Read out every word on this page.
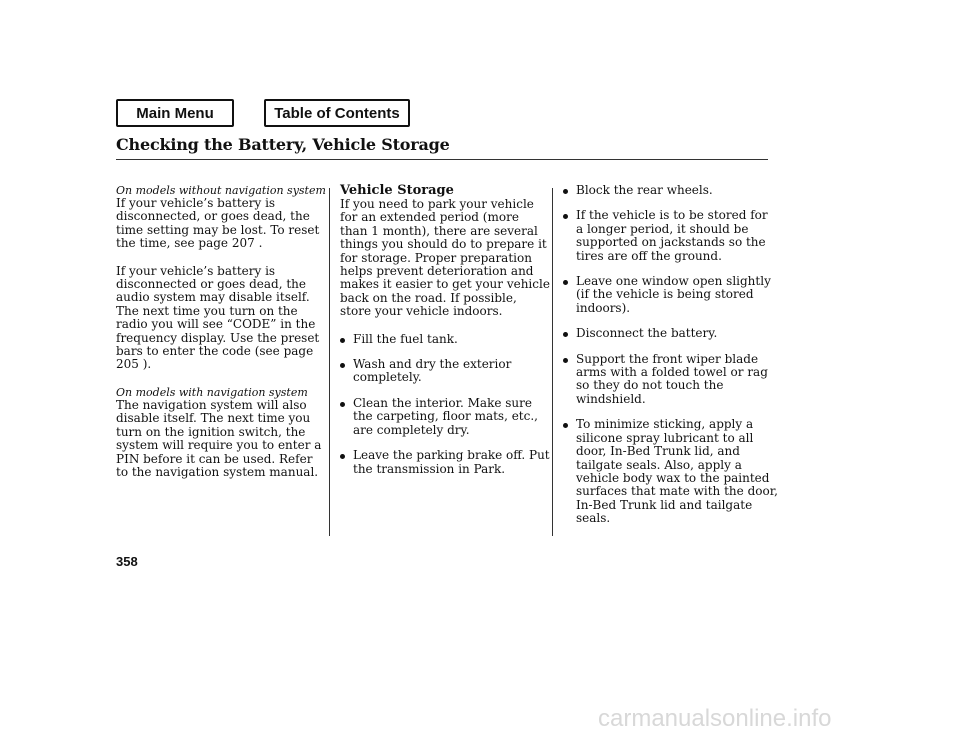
Main Menu	Table of Contents
Checking the Battery, Vehicle Storage
On models without navigation system

If your vehicle’s battery is disconnected, or goes dead, the time setting may be lost. To reset the time, see page 207 .

If your vehicle’s battery is disconnected or goes dead, the audio system may disable itself. The next time you turn on the radio you will see “CODE” in the frequency display. Use the preset bars to enter the code (see page 205 ).

On models with navigation system

The navigation system will also disable itself. The next time you turn on the ignition switch, the system will require you to enter a PIN before it can be used. Refer to the navigation system manual.

Vehicle Storage

If you need to park your vehicle for an extended period (more than 1 month), there are several things you should do to prepare it for storage. Proper preparation helps prevent deterioration and makes it easier to get your vehicle back on the road. If possible, store your vehicle indoors.

Fill the fuel tank.
Wash and dry the exterior completely.
Clean the interior. Make sure the carpeting, floor mats, etc., are completely dry.
Leave the parking brake off. Put the transmission in Park.
Block the rear wheels.
If the vehicle is to be stored for a longer period, it should be supported on jackstands so the tires are off the ground.
Leave one window open slightly (if the vehicle is being stored indoors).
Disconnect the battery.
Support the front wiper blade arms with a folded towel or rag so they do not touch the windshield.
To minimize sticking, apply a silicone spray lubricant to all door, In-Bed Trunk lid, and tailgate seals. Also, apply a vehicle body wax to the painted surfaces that mate with the door, In-Bed Trunk lid and tailgate seals.
358
carmanualsonline.info
